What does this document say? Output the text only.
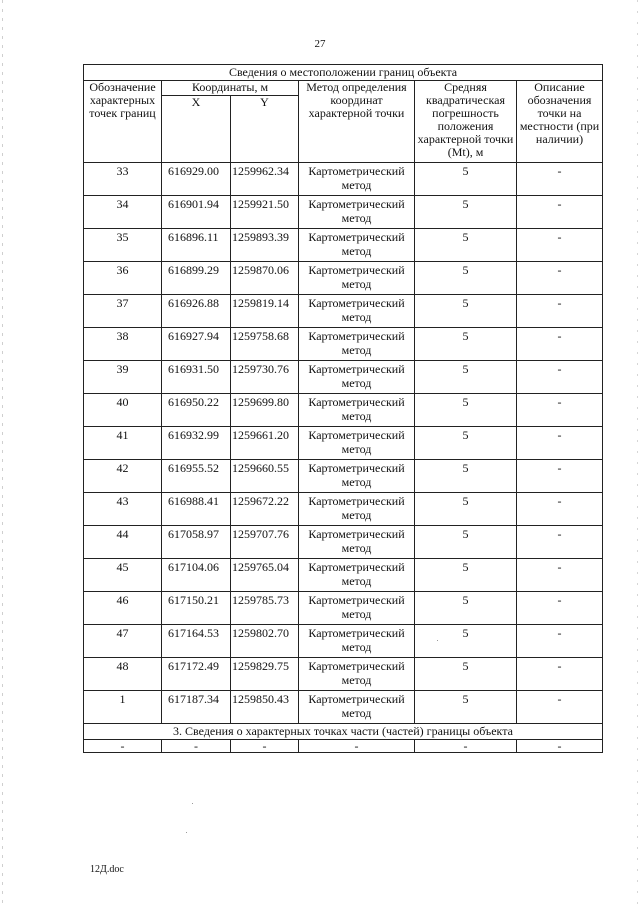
27
Сведения о местоположении границ объекта					
Обозначение характерных точек границ	Координаты, м		Метод определения координат характерной точки	Средняя квадратическая погрешность положения характерной точки (Mt), м	Описание обозначения точки на местности (при наличии)
	X	Y			
33	616929.00	1259962.34	Картометрический метод	5	-
34	616901.94	1259921.50	Картометрический метод	5	-
35	616896.11	1259893.39	Картометрический метод	5	-
36	616899.29	1259870.06	Картометрический метод	5	-
37	616926.88	1259819.14	Картометрический метод	5	-
38	616927.94	1259758.68	Картометрический метод	5	-
39	616931.50	1259730.76	Картометрический метод	5	-
40	616950.22	1259699.80	Картометрический метод	5	-
41	616932.99	1259661.20	Картометрический метод	5	-
42	616955.52	1259660.55	Картометрический метод	5	-
43	616988.41	1259672.22	Картометрический метод	5	-
44	617058.97	1259707.76	Картометрический метод	5	-
45	617104.06	1259765.04	Картометрический метод	5	-
46	617150.21	1259785.73	Картометрический метод	5	-
47	617164.53	1259802.70	Картометрический метод	5	-
48	617172.49	1259829.75	Картометрический метод	5	-
1	617187.34	1259850.43	Картометрический метод	5	-
3. Сведения о характерных точках части (частей) границы объекта					
-	-	-	-	-	-
12Д.doc
